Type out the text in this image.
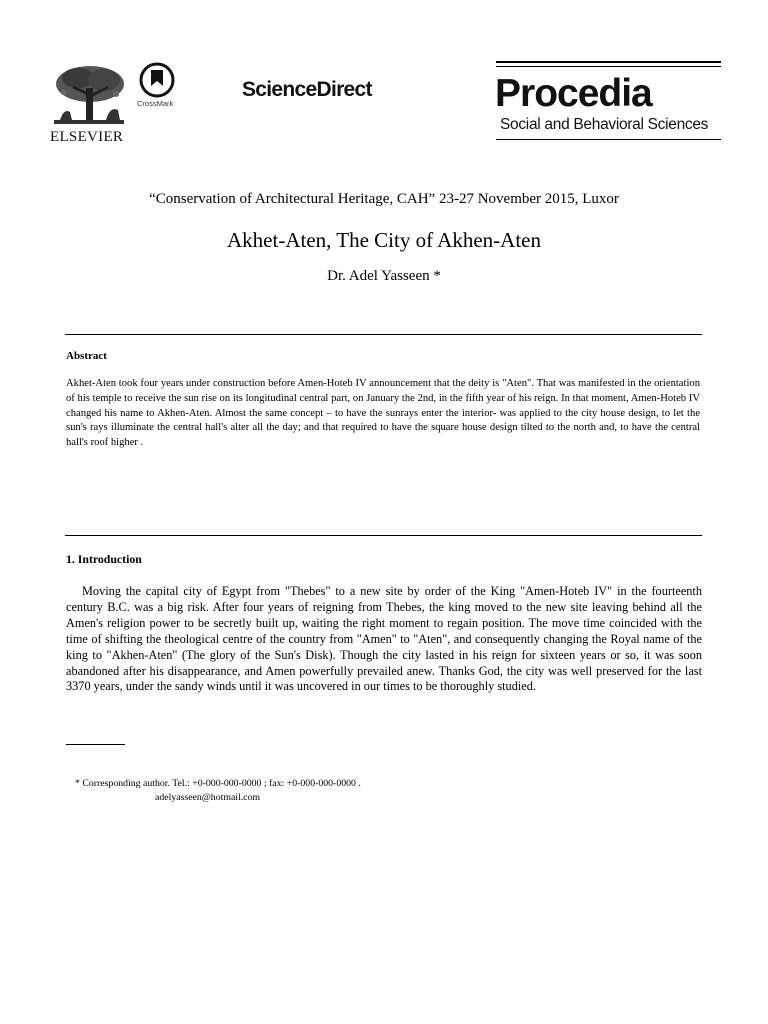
ELSEVIER
CrossMark
ScienceDirect	Procedia
Social and Behavioral Sciences
“Conservation of Architectural Heritage, CAH” 23-27 November 2015, Luxor
Akhet-Aten, The City of Akhen-Aten
Dr. Adel Yasseen *
Abstract
Akhet-Aten took four years under construction before Amen-Hoteb IV announcement that the deity is "Aten". That was manifested in the orientation of his temple to receive the sun rise on its longitudinal central part, on January the 2nd, in the fifth year of his reign. In that moment, Amen-Hoteb IV changed his name to Akhen-Aten. Almost the same concept – to have the sunrays enter the interior- was applied to the city house design, to let the sun's rays illuminate the central hall's alter all the day; and that required to have the square house design tilted to the north and, to have the central hall's roof higher .
1. Introduction
Moving the capital city of Egypt from "Thebes" to a new site by order of the King "Amen-Hoteb IV" in the fourteenth century B.C. was a big risk. After four years of reigning from Thebes, the king moved to the new site leaving behind all the Amen's religion power to be secretly built up, waiting the right moment to regain position. The move time coincided with the time of shifting the theological centre of the country from "Amen" to "Aten", and consequently changing the Royal name of the king to "Akhen-Aten" (The glory of the Sun's Disk). Though the city lasted in his reign for sixteen years or so, it was soon abandoned after his disappearance, and Amen powerfully prevailed anew. Thanks God, the city was well preserved for the last 3370 years, under the sandy winds until it was uncovered in our times to be thoroughly studied.
* Corresponding author. Tel.: +0-000-000-0000 ; fax: +0-000-000-0000 .
adelyasseen@hotmail.com
